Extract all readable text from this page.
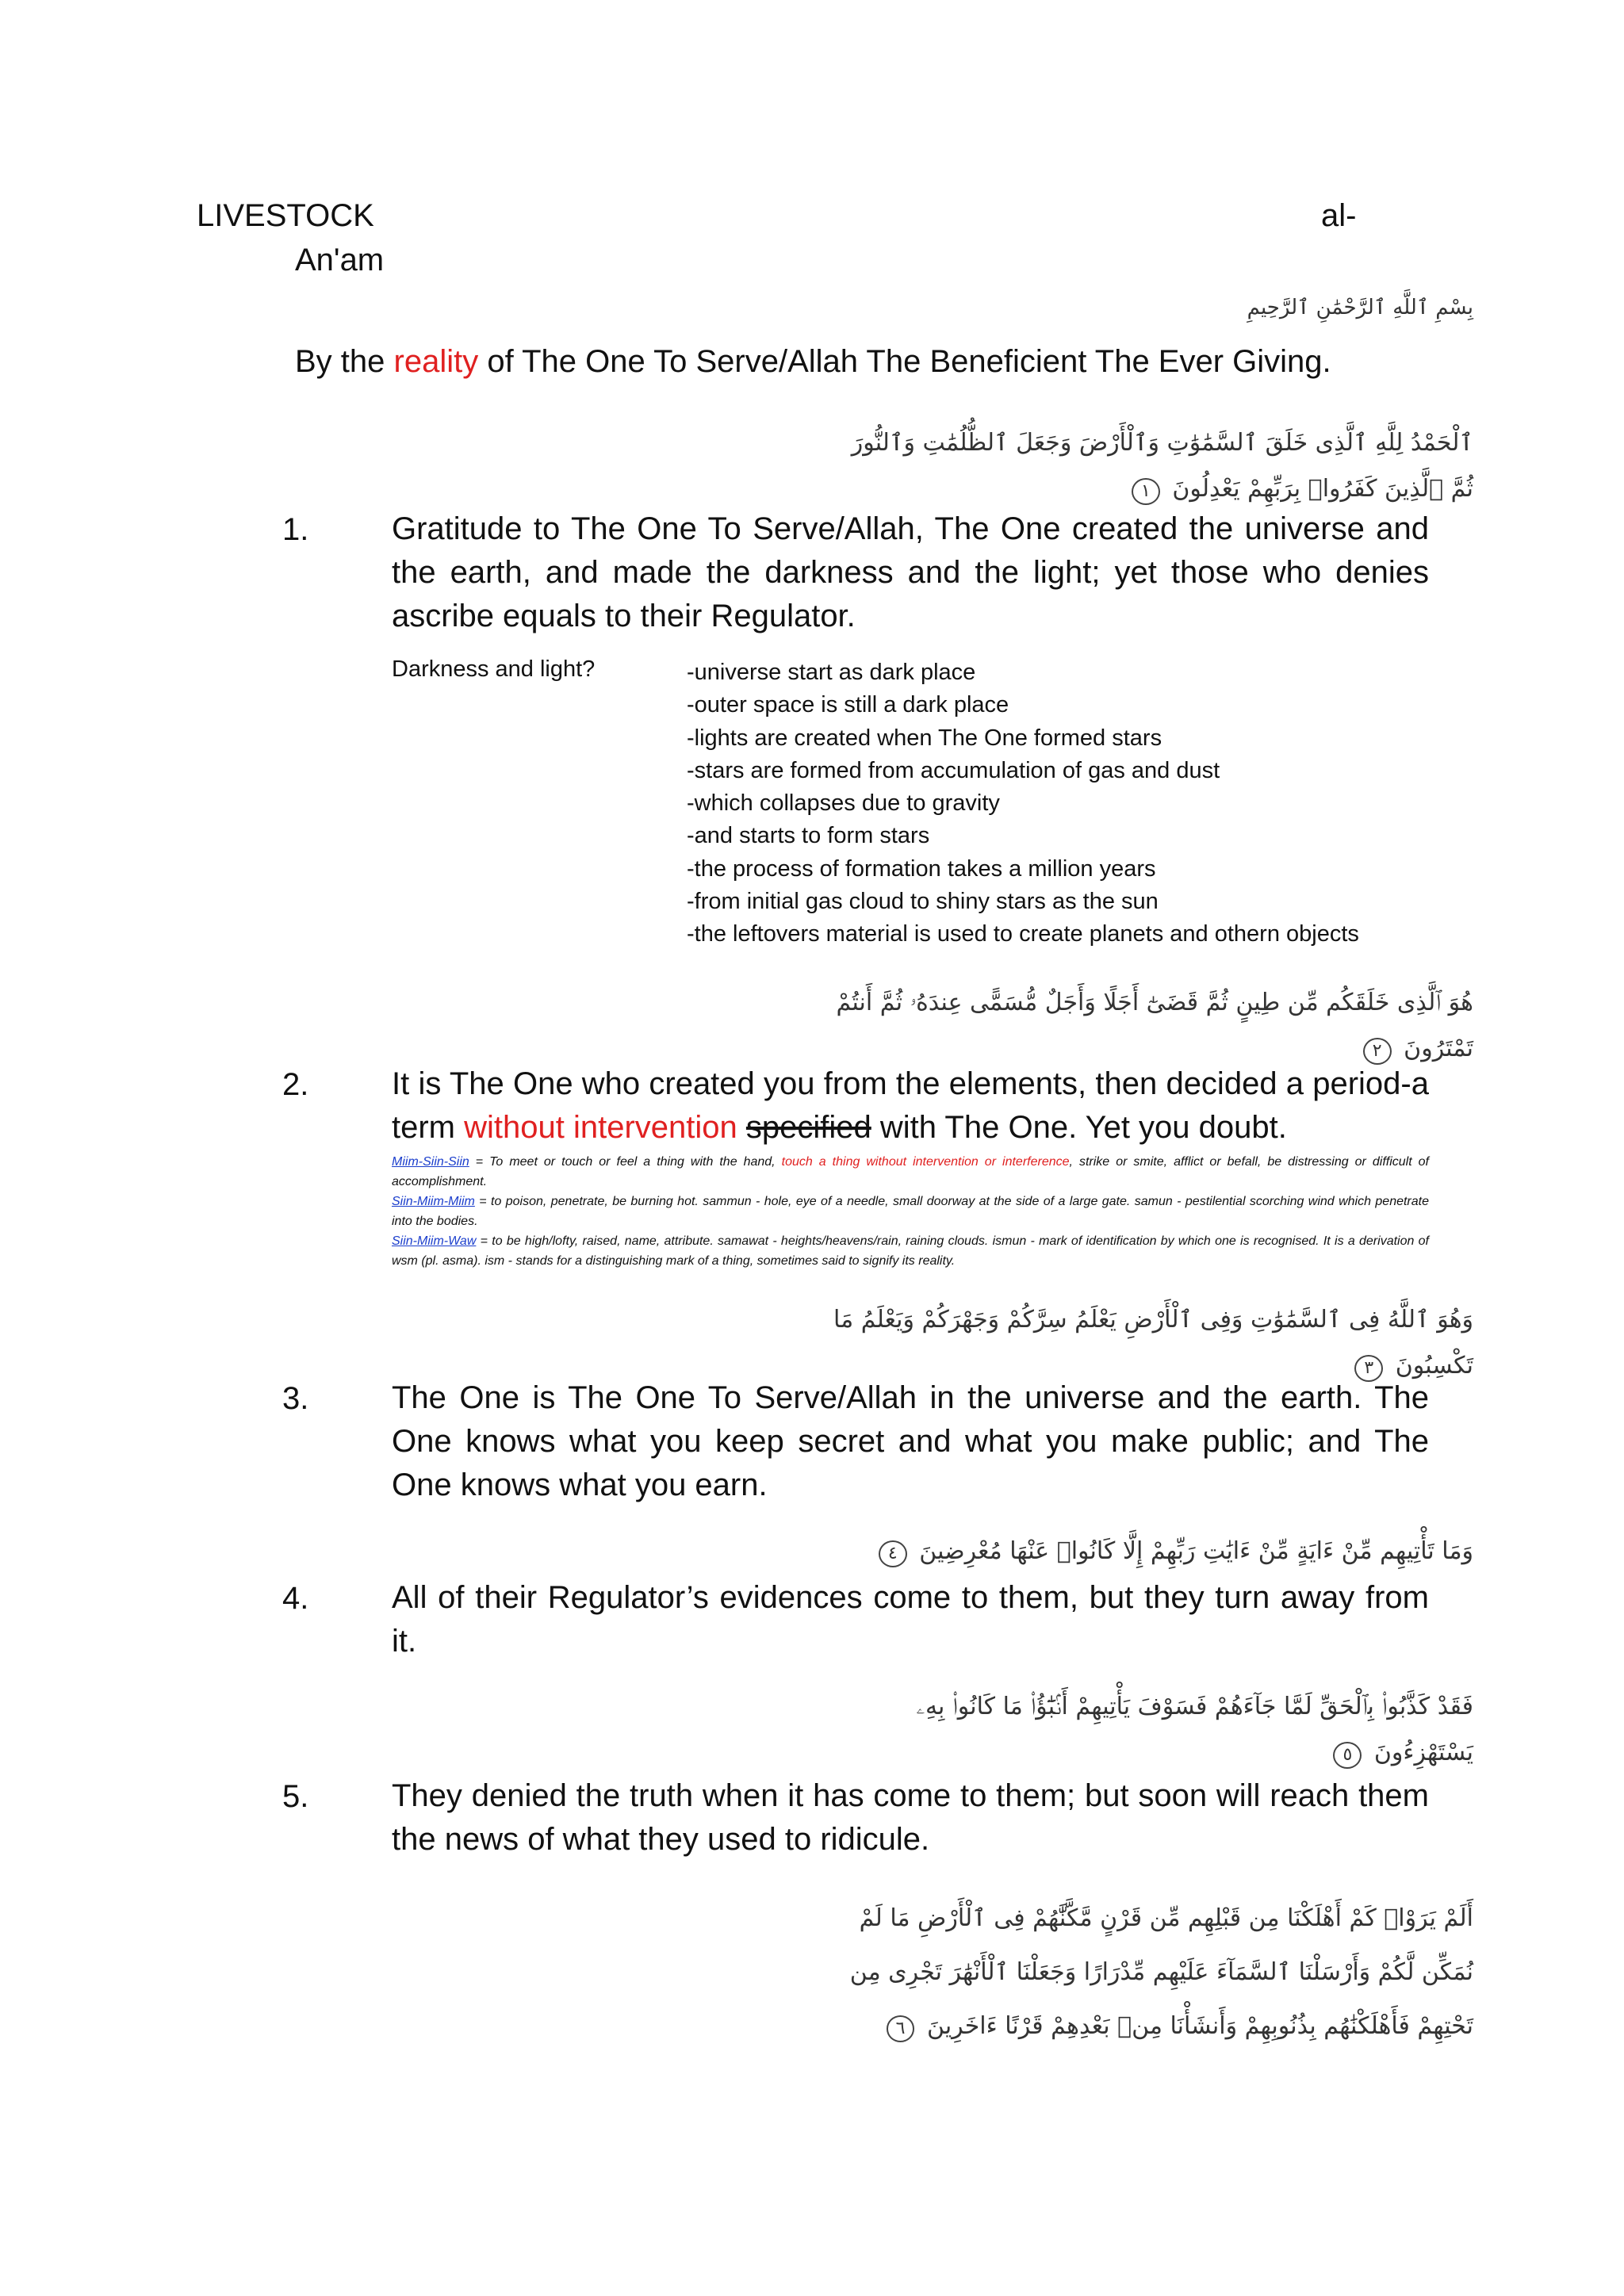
LIVESTOCK	al-
An'am
بِسْمِ ٱللَّهِ ٱلرَّحْمَٰنِ ٱلرَّحِيمِ
By the reality of The One To Serve/Allah The Beneficient The Ever Giving.
ٱلْحَمْدُ لِلَّهِ ٱلَّذِى خَلَقَ ٱلسَّمَٰوَٰتِ وَٱلْأَرْضَ وَجَعَلَ ٱلظُّلُمَٰتِ وَٱلنُّورَ
ثُمَّ ٱلَّذِينَ كَفَرُوا۟ بِرَبِّهِمْ يَعْدِلُونَ ١
1.	Gratitude to The One To Serve/Allah, The One created the universe and the earth, and made the darkness and the light; yet those who denies ascribe equals to their Regulator.
Darkness and light?	-universe start as dark place
-outer space is still a dark place
-lights are created when The One formed stars
-stars are formed from accumulation of gas and dust
-which collapses due to gravity
-and starts to form stars
-the process of formation takes a million years
-from initial gas cloud to shiny stars as the sun
-the leftovers material is used to create planets and othern objects
هُوَ ٱلَّذِى خَلَقَكُم مِّن طِينٍ ثُمَّ قَضَىٰٓ أَجَلًا وَأَجَلٌ مُّسَمًّى عِندَهُۥ ثُمَّ أَنتُمْ
تَمْتَرُونَ ٢
2.	It is The One who created you from the elements, then decided a period-a term without intervention specified with The One. Yet you doubt.
Miim-Siin-Siin = To meet or touch or feel a thing with the hand, touch a thing without intervention or interference, strike or smite, afflict or befall, be distressing or difficult of accomplishment.
Siin-Miim-Miim = to poison, penetrate, be burning hot. sammun - hole, eye of a needle, small doorway at the side of a large gate. samun - pestilential scorching wind which penetrate into the bodies.
Siin-Miim-Waw = to be high/lofty, raised, name, attribute. samawat - heights/heavens/rain, raining clouds. ismun - mark of identification by which one is recognised. It is a derivation of wsm (pl. asma). ism - stands for a distinguishing mark of a thing, sometimes said to signify its reality.
وَهُوَ ٱللَّهُ فِى ٱلسَّمَٰوَٰتِ وَفِى ٱلْأَرْضِ يَعْلَمُ سِرَّكُمْ وَجَهْرَكُمْ وَيَعْلَمُ مَا
تَكْسِبُونَ ٣
3.	The One is The One To Serve/Allah in the universe and the earth. The One knows what you keep secret and what you make public; and The One knows what you earn.
وَمَا تَأْتِيهِم مِّنْ ءَايَةٍ مِّنْ ءَايَٰتِ رَبِّهِمْ إِلَّا كَانُوا۟ عَنْهَا مُعْرِضِينَ ٤
4.	All of their Regulator’s evidences come to them, but they turn away from it.
فَقَدْ كَذَّبُوا۟ بِٱلْحَقِّ لَمَّا جَآءَهُمْ فَسَوْفَ يَأْتِيهِمْ أَنۢبَٰٓؤُا۟ مَا كَانُوا۟ بِهِۦ
يَسْتَهْزِءُونَ ٥
5.	They denied the truth when it has come to them; but soon will reach them the news of what they used to ridicule.
أَلَمْ يَرَوْا۟ كَمْ أَهْلَكْنَا مِن قَبْلِهِم مِّن قَرْنٍ مَّكَّنَّٰهُمْ فِى ٱلْأَرْضِ مَا لَمْ
نُمَكِّن لَّكُمْ وَأَرْسَلْنَا ٱلسَّمَآءَ عَلَيْهِم مِّدْرَارًا وَجَعَلْنَا ٱلْأَنْهَٰرَ تَجْرِى مِن
تَحْتِهِمْ فَأَهْلَكْنَٰهُم بِذُنُوبِهِمْ وَأَنشَأْنَا مِنۢ بَعْدِهِمْ قَرْنًا ءَاخَرِينَ ٦
